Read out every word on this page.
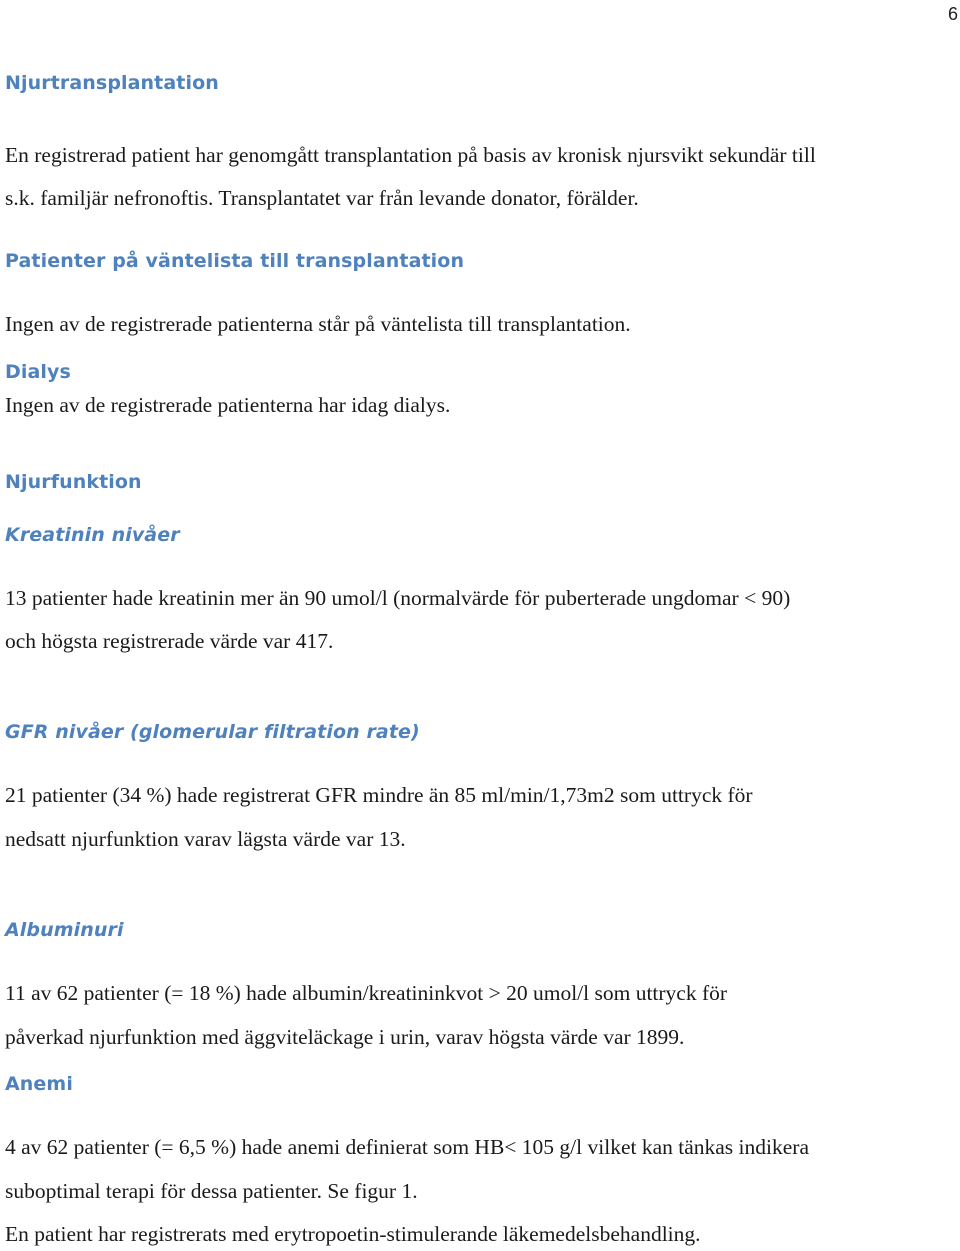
6
Njurtransplantation
En registrerad patient har genomgått transplantation på basis av kronisk njursvikt sekundär till
s.k. familjär nefronoftis. Transplantatet var från levande donator, förälder.
Patienter på väntelista till transplantation
Ingen av de registrerade patienterna står på väntelista till transplantation.
Dialys
Ingen av de registrerade patienterna har idag dialys.
Njurfunktion
Kreatinin nivåer
13 patienter hade kreatinin mer än 90 umol/l (normalvärde för puberterade ungdomar < 90)
och högsta registrerade värde var 417.
GFR nivåer (glomerular filtration rate)
21 patienter (34 %) hade registrerat GFR mindre än 85 ml/min/1,73m2 som uttryck för
nedsatt njurfunktion varav lägsta värde var 13.
Albuminuri
11 av 62 patienter (= 18 %) hade albumin/kreatininkvot > 20 umol/l som uttryck för
påverkad njurfunktion med äggviteläckage i urin, varav högsta värde var 1899.
Anemi
4 av 62 patienter (= 6,5 %) hade anemi definierat som HB< 105 g/l vilket kan tänkas indikera
suboptimal terapi för dessa patienter. Se figur 1.
En patient har registrerats med erytropoetin-stimulerande läkemedelsbehandling.
